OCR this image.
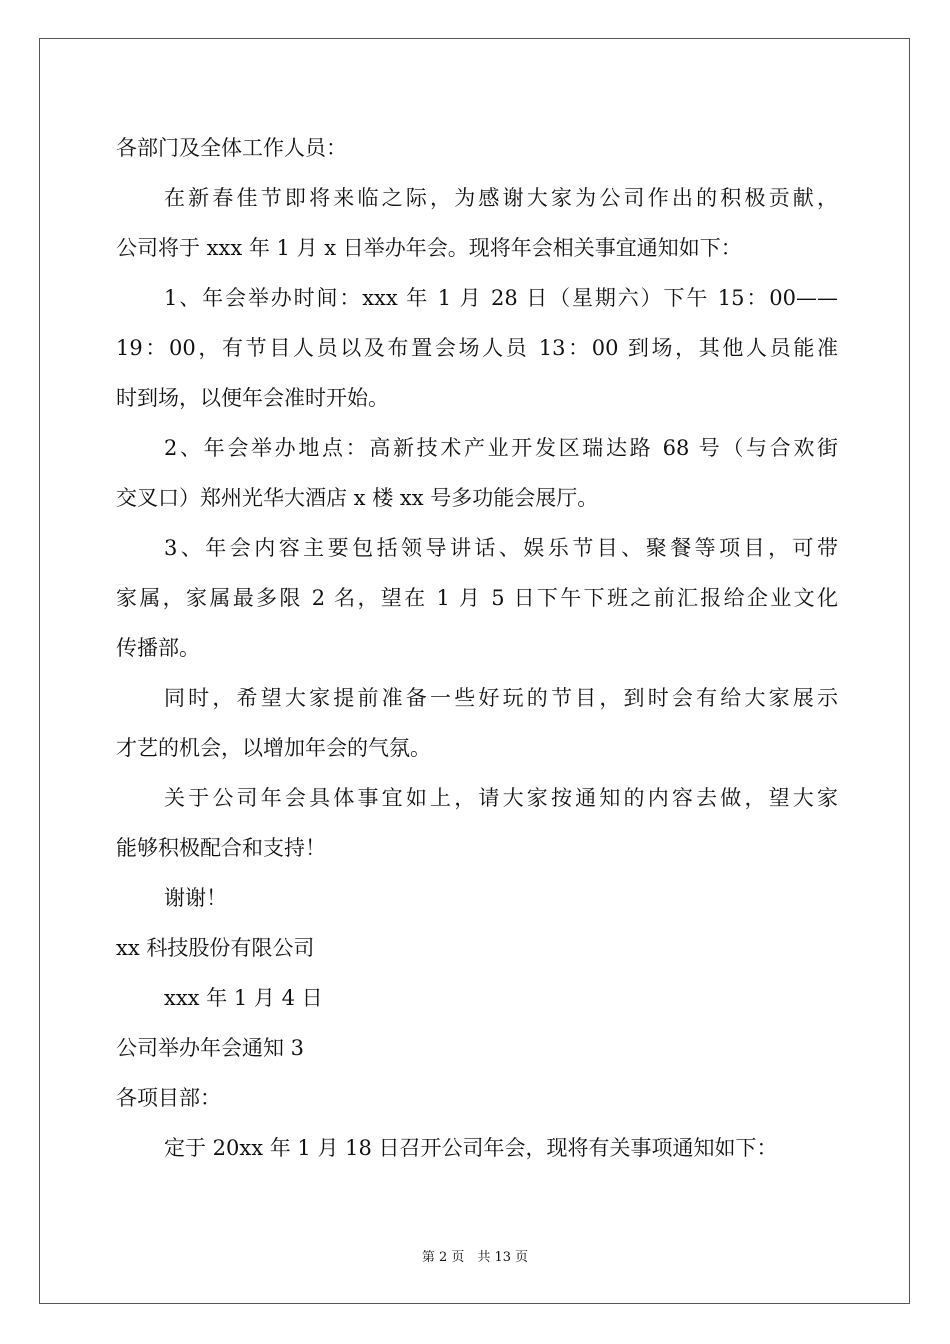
各部门及全体工作人员：
在新春佳节即将来临之际，为感谢大家为公司作出的积极贡献，
公司将于 xxx 年 1 月 x 日举办年会。现将年会相关事宜通知如下：
1、年会举办时间：xxx 年 1 月 28 日（星期六）下午 15：00——
19：00，有节目人员以及布置会场人员 13：00 到场，其他人员能准
时到场，以便年会准时开始。
2、年会举办地点：高新技术产业开发区瑞达路 68 号（与合欢街
交叉口）郑州光华大酒店 x 楼 xx 号多功能会展厅。
3、年会内容主要包括领导讲话、娱乐节目、聚餐等项目，可带
家属，家属最多限 2 名，望在 1 月 5 日下午下班之前汇报给企业文化
传播部。
同时，希望大家提前准备一些好玩的节目，到时会有给大家展示
才艺的机会，以增加年会的气氛。
关于公司年会具体事宜如上，请大家按通知的内容去做，望大家
能够积极配合和支持！
谢谢！
xx 科技股份有限公司
xxx 年 1 月 4 日
公司举办年会通知 3
各项目部：
定于 20xx 年 1 月 18 日召开公司年会，现将有关事项通知如下：
第 2 页　共 13 页
